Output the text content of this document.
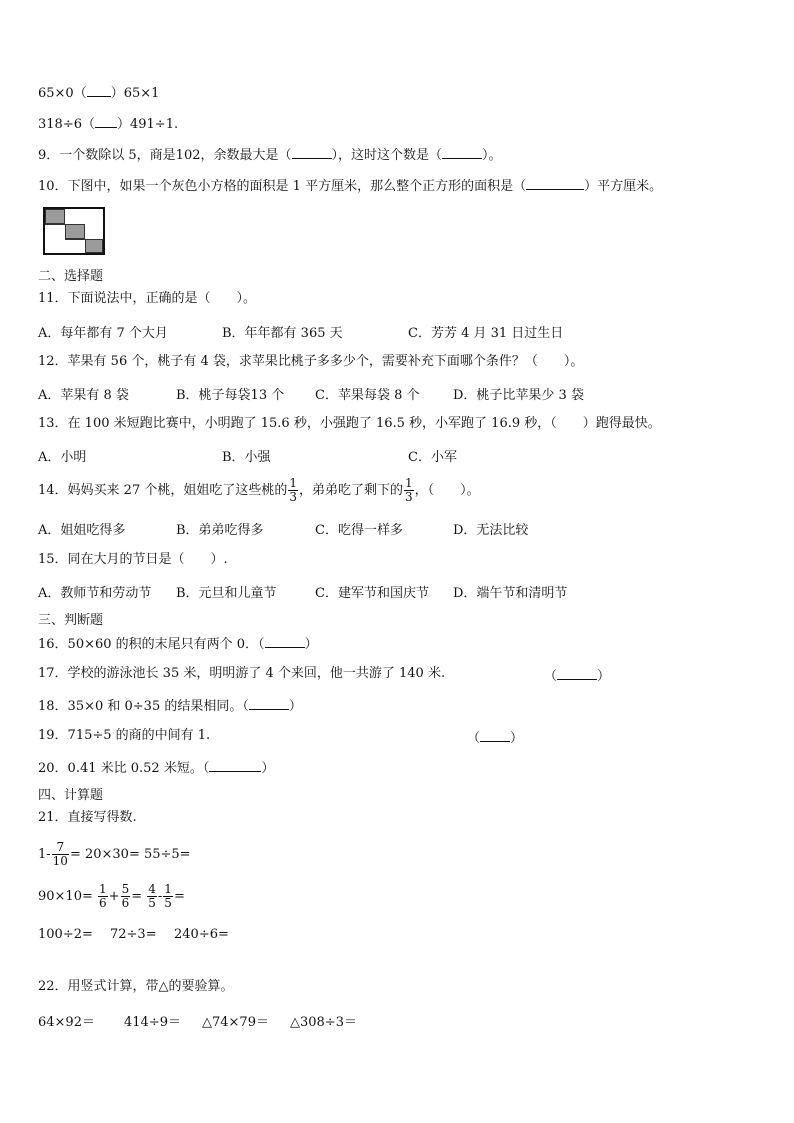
65×0（ ）65×1
318÷6（ ）491÷1.
9．一个数除以 5，商是102，余数最大是（	），这时这个数是（	）。
10．下图中，如果一个灰色小方格的面积是 1 平方厘米，那么整个正方形的面积是（	）平方厘米。
二、选择题
11．下面说法中，正确的是（　　）。
A．每年都有 7 个大月	B．年年都有 365 天	C．芳芳 4 月 31 日过生日
12．苹果有 56 个，桃子有 4 袋，求苹果比桃子多多少个，需要补充下面哪个条件？（　　）。
A．苹果有 8 袋	B．桃子每袋13 个 C．苹果每袋 8 个	D．桃子比苹果少 3 袋
13．在 100 米短跑比赛中，小明跑了 15.6 秒，小强跑了 16.5 秒，小军跑了 16.9 秒，（　　）跑得最快。
A．小明	B．小强	C．小军
14．妈妈买来 27 个桃，姐姐吃了这些桃的 $\frac{1}{3}$ ，弟弟吃了剩下的 $\frac{1}{3}$ ，（　　）。
A．姐姐吃得多	B．弟弟吃得多	C．吃得一样多	D．无法比较
15．同在大月的节日是（　　）.
A．教师节和劳动节 B．元旦和儿童节	C．建军节和国庆节 D．端午节和清明节
三、判断题
16．50×60 的积的末尾只有两个 0．（	）
17．学校的游泳池长 35 米，明明游了 4 个来回，他一共游了 140 米.	（	）
18．35×0 和 0÷35 的结果相同。（	）
19．715÷5 的商的中间有 1.	（ ）
20．0.41 米比 0.52 米短。（	）
四、计算题
21．直接写得数.
$1- \frac{7}{10} = 20\times 30= 55\div 5=$
$90\times 10= \frac{1}{6} + \frac{5}{6} = \frac{4}{5} - \frac{1}{5}$ =
100÷2= 72÷3= 240÷6=
22．用竖式计算，带△的要验算。
64×92＝ 414÷9＝ △74×79＝ △308÷3＝
